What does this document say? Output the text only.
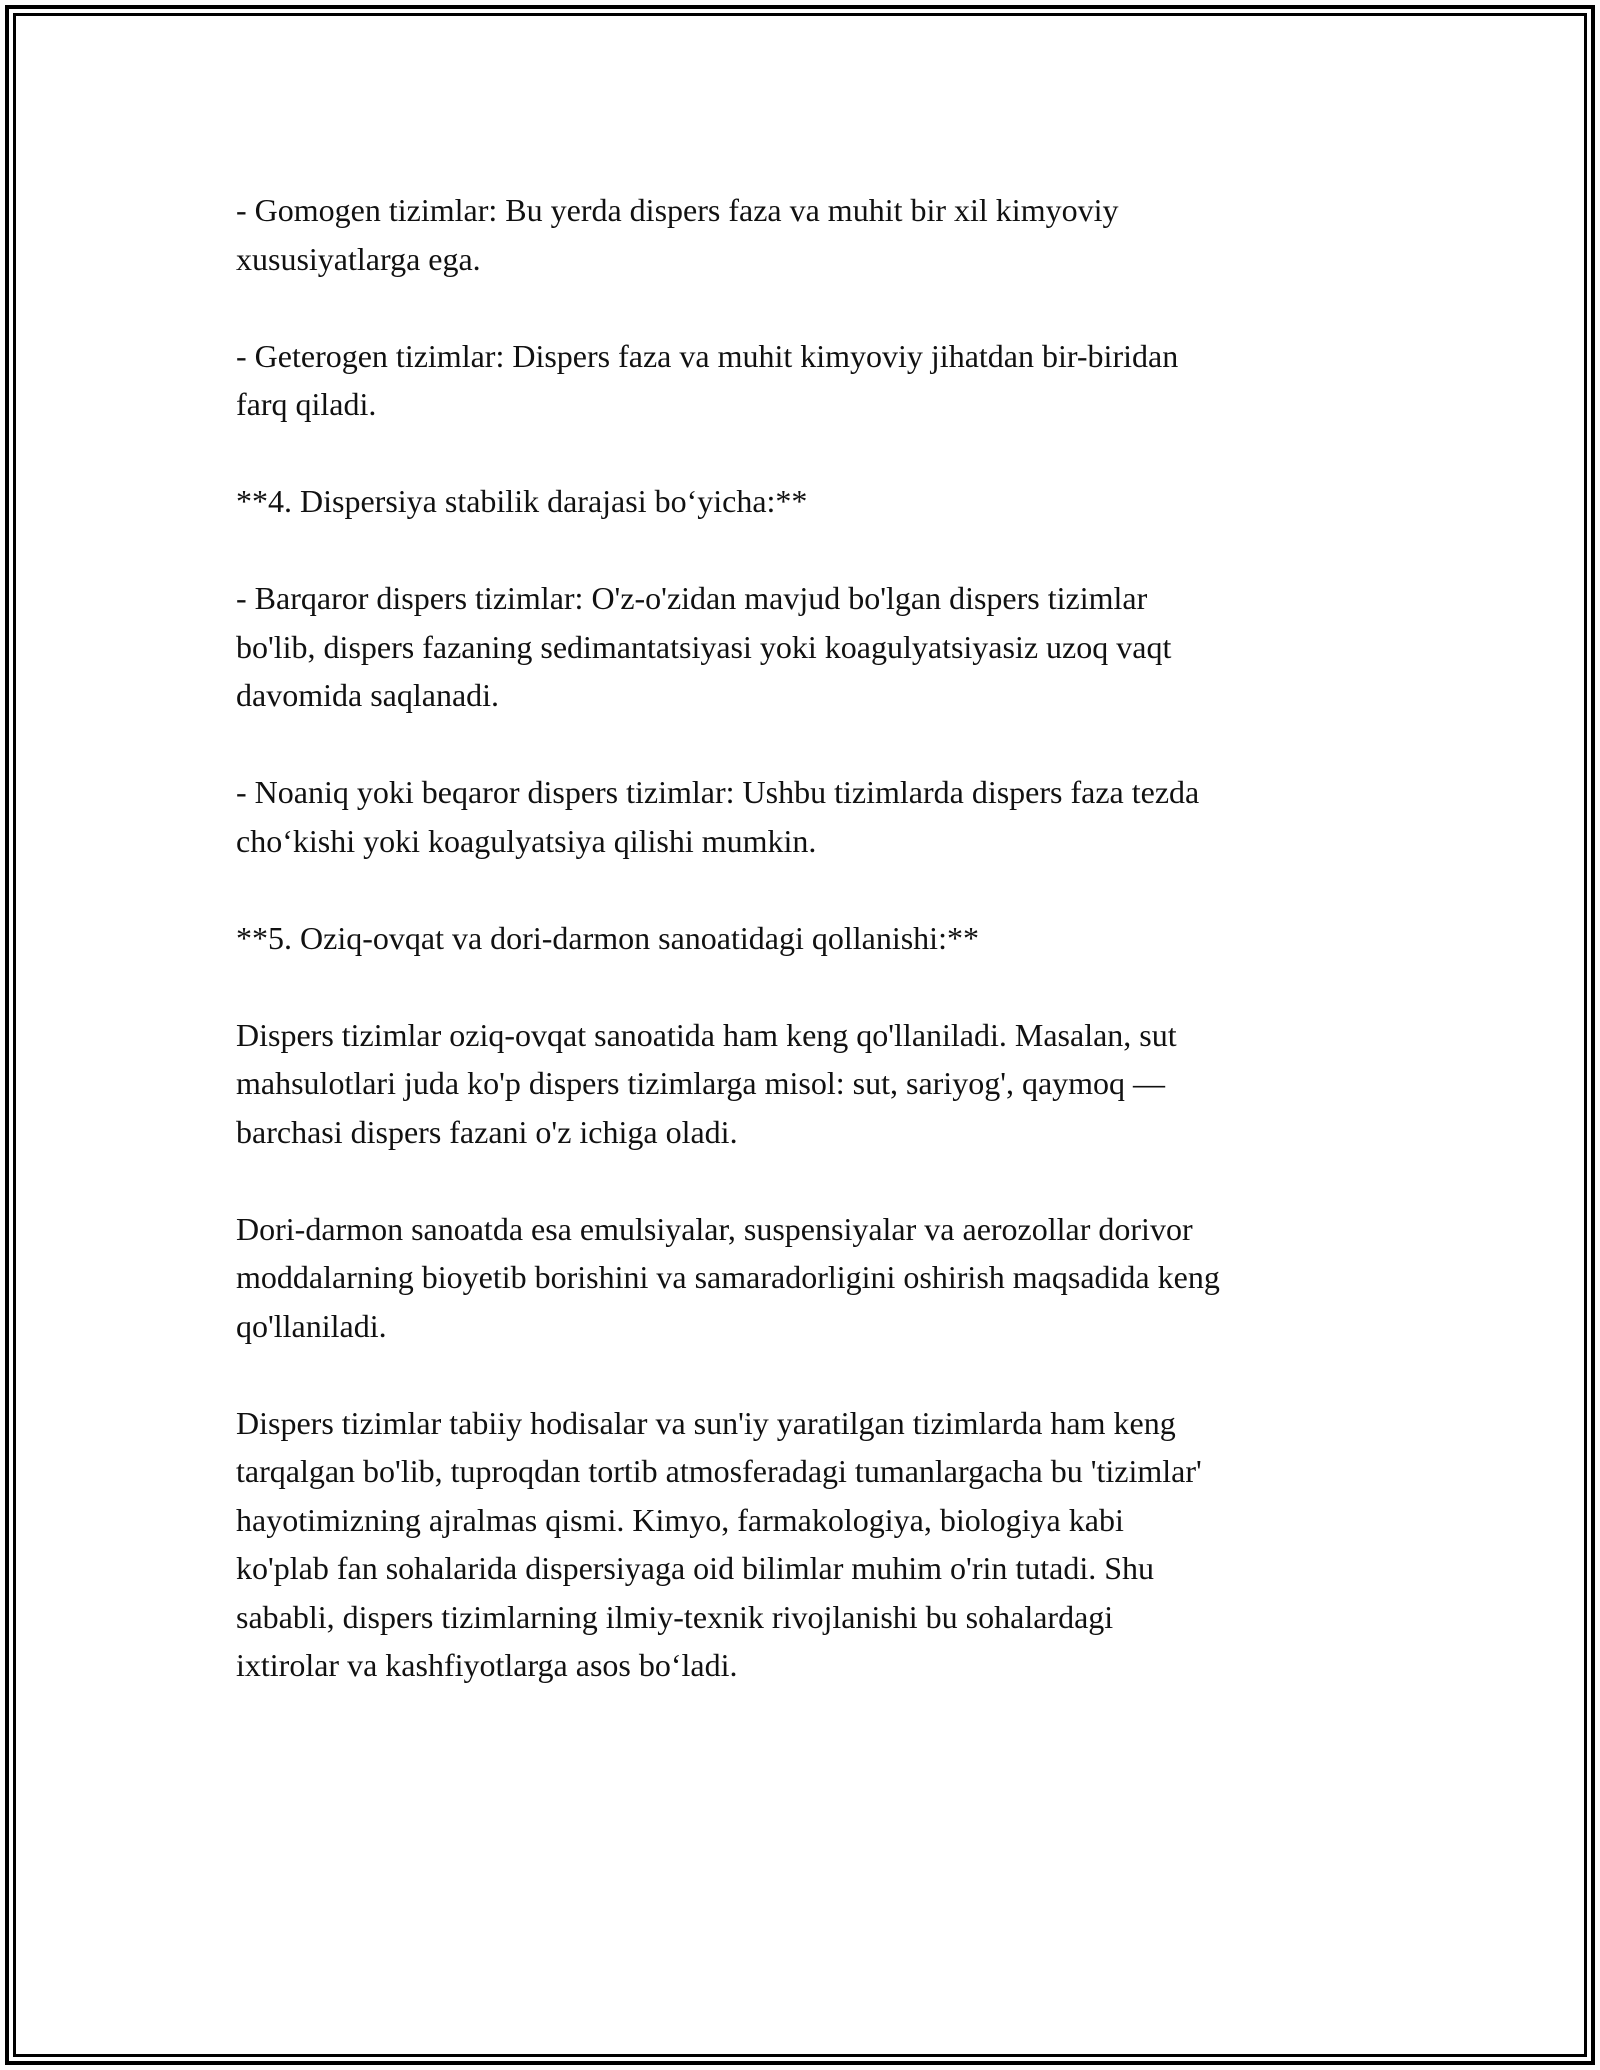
- Gomogen tizimlar: Bu yerda dispers faza va muhit bir xil kimyoviy
xususiyatlarga ega.

- Geterogen tizimlar: Dispers faza va muhit kimyoviy jihatdan bir-biridan
farq qiladi.

**4. Dispersiya stabilik darajasi bo‘yicha:**

- Barqaror dispers tizimlar: O'z-o'zidan mavjud bo'lgan dispers tizimlar
bo'lib, dispers fazaning sedimantatsiyasi yoki koagulyatsiyasiz uzoq vaqt
davomida saqlanadi.

- Noaniq yoki beqaror dispers tizimlar: Ushbu tizimlarda dispers faza tezda
cho‘kishi yoki koagulyatsiya qilishi mumkin.

**5. Oziq-ovqat va dori-darmon sanoatidagi qollanishi:**

Dispers tizimlar oziq-ovqat sanoatida ham keng qo'llaniladi. Masalan, sut
mahsulotlari juda ko'p dispers tizimlarga misol: sut, sariyog', qaymoq —
barchasi dispers fazani o'z ichiga oladi.

Dori-darmon sanoatda esa emulsiyalar, suspensiyalar va aerozollar dorivor
moddalarning bioyetib borishini va samaradorligini oshirish maqsadida keng
qo'llaniladi.

Dispers tizimlar tabiiy hodisalar va sun'iy yaratilgan tizimlarda ham keng
tarqalgan bo'lib, tuproqdan tortib atmosferadagi tumanlargacha bu 'tizimlar'
hayotimizning ajralmas qismi. Kimyo, farmakologiya, biologiya kabi
ko'plab fan sohalarida dispersiyaga oid bilimlar muhim o'rin tutadi. Shu
sababli, dispers tizimlarning ilmiy-texnik rivojlanishi bu sohalardagi
ixtirolar va kashfiyotlarga asos bo‘ladi.
